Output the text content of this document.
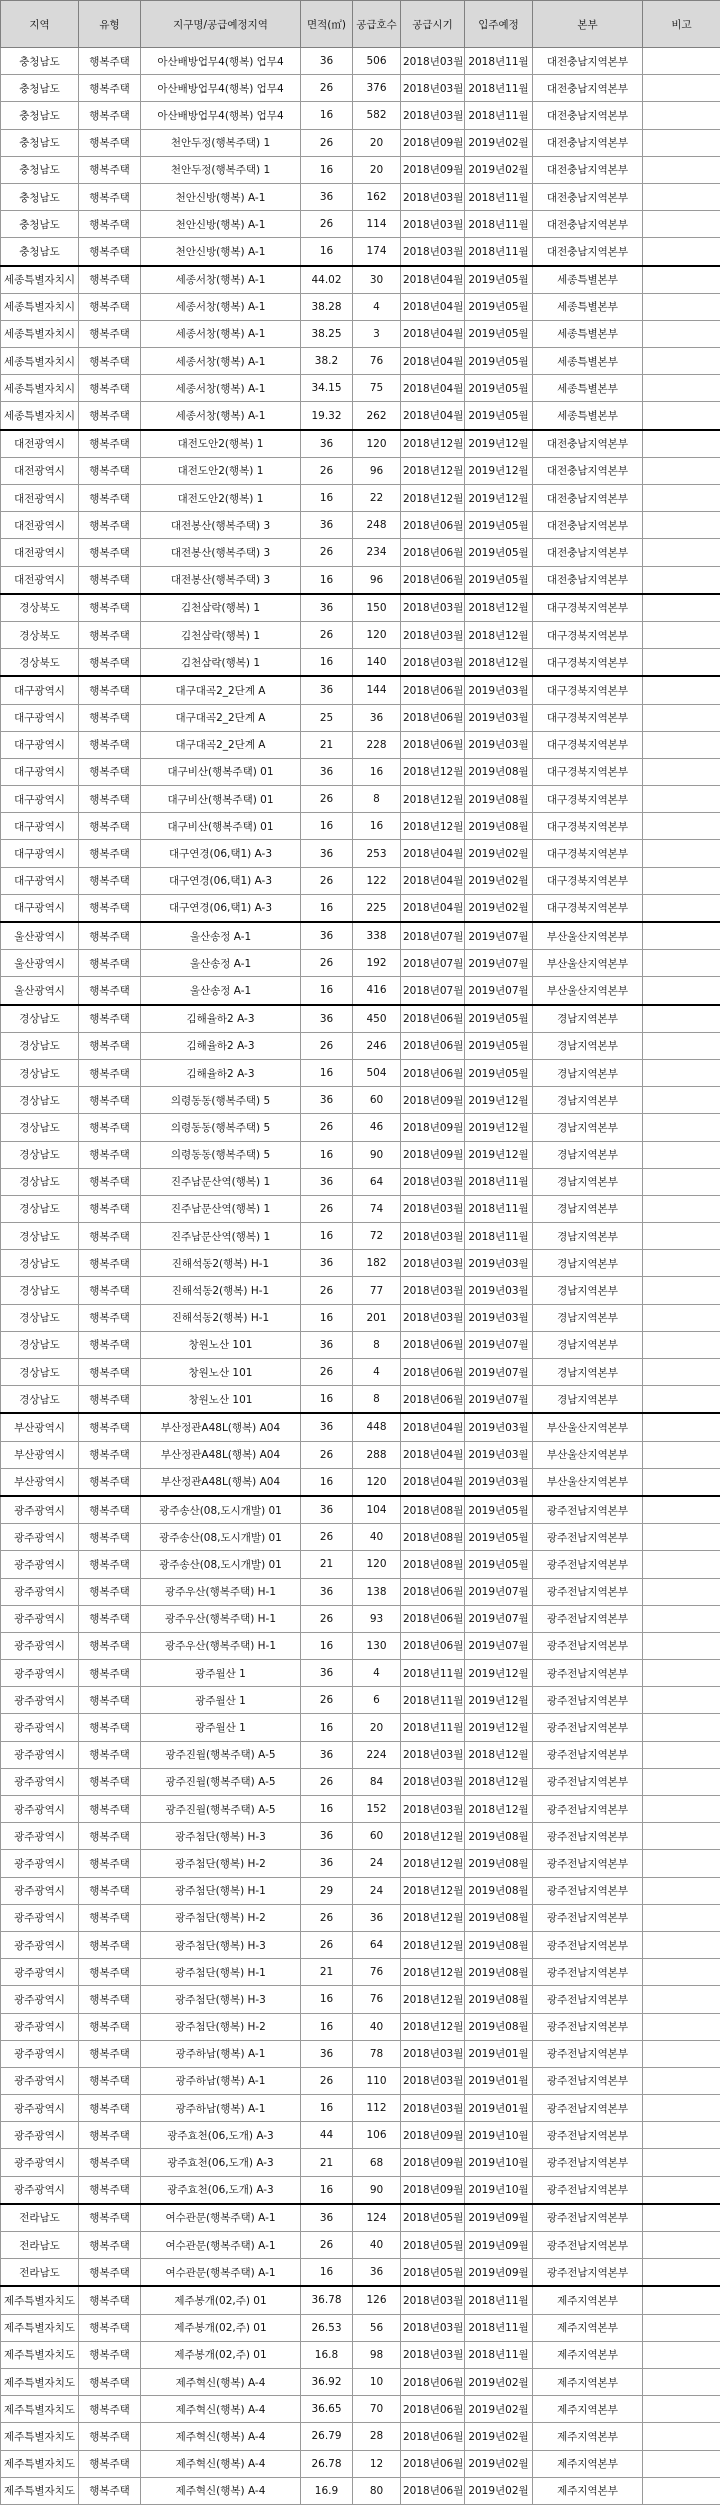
지역	유형	지구명/공급예정지역	면적(㎡)	공급호수	공급시기	입주예정	본부	비고
충청남도	행복주택	아산배방업무4(행복) 업무4	36	506	2018년03월	2018년11월	대전충남지역본부	
충청남도	행복주택	아산배방업무4(행복) 업무4	26	376	2018년03월	2018년11월	대전충남지역본부	
충청남도	행복주택	아산배방업무4(행복) 업무4	16	582	2018년03월	2018년11월	대전충남지역본부	
충청남도	행복주택	천안두정(행복주택) 1	26	20	2018년09월	2019년02월	대전충남지역본부	
충청남도	행복주택	천안두정(행복주택) 1	16	20	2018년09월	2019년02월	대전충남지역본부	
충청남도	행복주택	천안신방(행복) A-1	36	162	2018년03월	2018년11월	대전충남지역본부	
충청남도	행복주택	천안신방(행복) A-1	26	114	2018년03월	2018년11월	대전충남지역본부	
충청남도	행복주택	천안신방(행복) A-1	16	174	2018년03월	2018년11월	대전충남지역본부	
세종특별자치시	행복주택	세종서창(행복) A-1	44.02	30	2018년04월	2019년05월	세종특별본부	
세종특별자치시	행복주택	세종서창(행복) A-1	38.28	4	2018년04월	2019년05월	세종특별본부	
세종특별자치시	행복주택	세종서창(행복) A-1	38.25	3	2018년04월	2019년05월	세종특별본부	
세종특별자치시	행복주택	세종서창(행복) A-1	38.2	76	2018년04월	2019년05월	세종특별본부	
세종특별자치시	행복주택	세종서창(행복) A-1	34.15	75	2018년04월	2019년05월	세종특별본부	
세종특별자치시	행복주택	세종서창(행복) A-1	19.32	262	2018년04월	2019년05월	세종특별본부	
대전광역시	행복주택	대전도안2(행복) 1	36	120	2018년12월	2019년12월	대전충남지역본부	
대전광역시	행복주택	대전도안2(행복) 1	26	96	2018년12월	2019년12월	대전충남지역본부	
대전광역시	행복주택	대전도안2(행복) 1	16	22	2018년12월	2019년12월	대전충남지역본부	
대전광역시	행복주택	대전봉산(행복주택) 3	36	248	2018년06월	2019년05월	대전충남지역본부	
대전광역시	행복주택	대전봉산(행복주택) 3	26	234	2018년06월	2019년05월	대전충남지역본부	
대전광역시	행복주택	대전봉산(행복주택) 3	16	96	2018년06월	2019년05월	대전충남지역본부	
경상북도	행복주택	김천삼락(행복) 1	36	150	2018년03월	2018년12월	대구경북지역본부	
경상북도	행복주택	김천삼락(행복) 1	26	120	2018년03월	2018년12월	대구경북지역본부	
경상북도	행복주택	김천삼락(행복) 1	16	140	2018년03월	2018년12월	대구경북지역본부	
대구광역시	행복주택	대구대곡2_2단계 A	36	144	2018년06월	2019년03월	대구경북지역본부	
대구광역시	행복주택	대구대곡2_2단계 A	25	36	2018년06월	2019년03월	대구경북지역본부	
대구광역시	행복주택	대구대곡2_2단계 A	21	228	2018년06월	2019년03월	대구경북지역본부	
대구광역시	행복주택	대구비산(행복주택) 01	36	16	2018년12월	2019년08월	대구경북지역본부	
대구광역시	행복주택	대구비산(행복주택) 01	26	8	2018년12월	2019년08월	대구경북지역본부	
대구광역시	행복주택	대구비산(행복주택) 01	16	16	2018년12월	2019년08월	대구경북지역본부	
대구광역시	행복주택	대구연경(06,택1) A-3	36	253	2018년04월	2019년02월	대구경북지역본부	
대구광역시	행복주택	대구연경(06,택1) A-3	26	122	2018년04월	2019년02월	대구경북지역본부	
대구광역시	행복주택	대구연경(06,택1) A-3	16	225	2018년04월	2019년02월	대구경북지역본부	
울산광역시	행복주택	울산송정 A-1	36	338	2018년07월	2019년07월	부산울산지역본부	
울산광역시	행복주택	울산송정 A-1	26	192	2018년07월	2019년07월	부산울산지역본부	
울산광역시	행복주택	울산송정 A-1	16	416	2018년07월	2019년07월	부산울산지역본부	
경상남도	행복주택	김해율하2 A-3	36	450	2018년06월	2019년05월	경남지역본부	
경상남도	행복주택	김해율하2 A-3	26	246	2018년06월	2019년05월	경남지역본부	
경상남도	행복주택	김해율하2 A-3	16	504	2018년06월	2019년05월	경남지역본부	
경상남도	행복주택	의령동동(행복주택) 5	36	60	2018년09월	2019년12월	경남지역본부	
경상남도	행복주택	의령동동(행복주택) 5	26	46	2018년09월	2019년12월	경남지역본부	
경상남도	행복주택	의령동동(행복주택) 5	16	90	2018년09월	2019년12월	경남지역본부	
경상남도	행복주택	진주남문산역(행복) 1	36	64	2018년03월	2018년11월	경남지역본부	
경상남도	행복주택	진주남문산역(행복) 1	26	74	2018년03월	2018년11월	경남지역본부	
경상남도	행복주택	진주남문산역(행복) 1	16	72	2018년03월	2018년11월	경남지역본부	
경상남도	행복주택	진해석동2(행복) H-1	36	182	2018년03월	2019년03월	경남지역본부	
경상남도	행복주택	진해석동2(행복) H-1	26	77	2018년03월	2019년03월	경남지역본부	
경상남도	행복주택	진해석동2(행복) H-1	16	201	2018년03월	2019년03월	경남지역본부	
경상남도	행복주택	창원노산 101	36	8	2018년06월	2019년07월	경남지역본부	
경상남도	행복주택	창원노산 101	26	4	2018년06월	2019년07월	경남지역본부	
경상남도	행복주택	창원노산 101	16	8	2018년06월	2019년07월	경남지역본부	
부산광역시	행복주택	부산정관A48L(행복) A04	36	448	2018년04월	2019년03월	부산울산지역본부	
부산광역시	행복주택	부산정관A48L(행복) A04	26	288	2018년04월	2019년03월	부산울산지역본부	
부산광역시	행복주택	부산정관A48L(행복) A04	16	120	2018년04월	2019년03월	부산울산지역본부	
광주광역시	행복주택	광주송산(08,도시개발) 01	36	104	2018년08월	2019년05월	광주전남지역본부	
광주광역시	행복주택	광주송산(08,도시개발) 01	26	40	2018년08월	2019년05월	광주전남지역본부	
광주광역시	행복주택	광주송산(08,도시개발) 01	21	120	2018년08월	2019년05월	광주전남지역본부	
광주광역시	행복주택	광주우산(행복주택) H-1	36	138	2018년06월	2019년07월	광주전남지역본부	
광주광역시	행복주택	광주우산(행복주택) H-1	26	93	2018년06월	2019년07월	광주전남지역본부	
광주광역시	행복주택	광주우산(행복주택) H-1	16	130	2018년06월	2019년07월	광주전남지역본부	
광주광역시	행복주택	광주월산 1	36	4	2018년11월	2019년12월	광주전남지역본부	
광주광역시	행복주택	광주월산 1	26	6	2018년11월	2019년12월	광주전남지역본부	
광주광역시	행복주택	광주월산 1	16	20	2018년11월	2019년12월	광주전남지역본부	
광주광역시	행복주택	광주진월(행복주택) A-5	36	224	2018년03월	2018년12월	광주전남지역본부	
광주광역시	행복주택	광주진월(행복주택) A-5	26	84	2018년03월	2018년12월	광주전남지역본부	
광주광역시	행복주택	광주진월(행복주택) A-5	16	152	2018년03월	2018년12월	광주전남지역본부	
광주광역시	행복주택	광주첨단(행복) H-3	36	60	2018년12월	2019년08월	광주전남지역본부	
광주광역시	행복주택	광주첨단(행복) H-2	36	24	2018년12월	2019년08월	광주전남지역본부	
광주광역시	행복주택	광주첨단(행복) H-1	29	24	2018년12월	2019년08월	광주전남지역본부	
광주광역시	행복주택	광주첨단(행복) H-2	26	36	2018년12월	2019년08월	광주전남지역본부	
광주광역시	행복주택	광주첨단(행복) H-3	26	64	2018년12월	2019년08월	광주전남지역본부	
광주광역시	행복주택	광주첨단(행복) H-1	21	76	2018년12월	2019년08월	광주전남지역본부	
광주광역시	행복주택	광주첨단(행복) H-3	16	76	2018년12월	2019년08월	광주전남지역본부	
광주광역시	행복주택	광주첨단(행복) H-2	16	40	2018년12월	2019년08월	광주전남지역본부	
광주광역시	행복주택	광주하남(행복) A-1	36	78	2018년03월	2019년01월	광주전남지역본부	
광주광역시	행복주택	광주하남(행복) A-1	26	110	2018년03월	2019년01월	광주전남지역본부	
광주광역시	행복주택	광주하남(행복) A-1	16	112	2018년03월	2019년01월	광주전남지역본부	
광주광역시	행복주택	광주효천(06,도개) A-3	44	106	2018년09월	2019년10월	광주전남지역본부	
광주광역시	행복주택	광주효천(06,도개) A-3	21	68	2018년09월	2019년10월	광주전남지역본부	
광주광역시	행복주택	광주효천(06,도개) A-3	16	90	2018년09월	2019년10월	광주전남지역본부	
전라남도	행복주택	여수관문(행복주택) A-1	36	124	2018년05월	2019년09월	광주전남지역본부	
전라남도	행복주택	여수관문(행복주택) A-1	26	40	2018년05월	2019년09월	광주전남지역본부	
전라남도	행복주택	여수관문(행복주택) A-1	16	36	2018년05월	2019년09월	광주전남지역본부	
제주특별자치도	행복주택	제주봉개(02,주) 01	36.78	126	2018년03월	2018년11월	제주지역본부	
제주특별자치도	행복주택	제주봉개(02,주) 01	26.53	56	2018년03월	2018년11월	제주지역본부	
제주특별자치도	행복주택	제주봉개(02,주) 01	16.8	98	2018년03월	2018년11월	제주지역본부	
제주특별자치도	행복주택	제주혁신(행복) A-4	36.92	10	2018년06월	2019년02월	제주지역본부	
제주특별자치도	행복주택	제주혁신(행복) A-4	36.65	70	2018년06월	2019년02월	제주지역본부	
제주특별자치도	행복주택	제주혁신(행복) A-4	26.79	28	2018년06월	2019년02월	제주지역본부	
제주특별자치도	행복주택	제주혁신(행복) A-4	26.78	12	2018년06월	2019년02월	제주지역본부	
제주특별자치도	행복주택	제주혁신(행복) A-4	16.9	80	2018년06월	2019년02월	제주지역본부	
